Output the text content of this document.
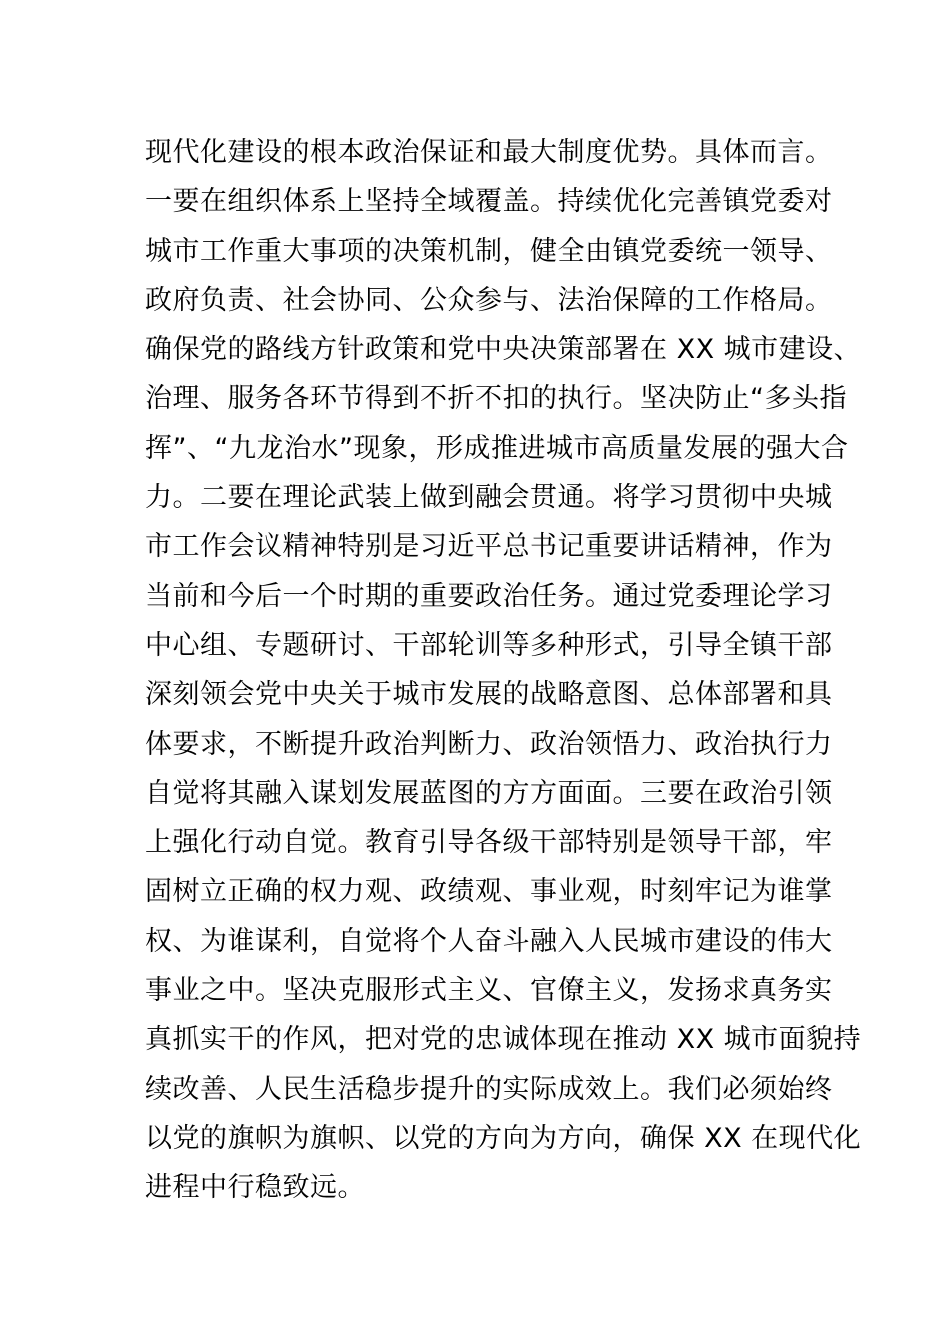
现代化建设的根本政治保证和最大制度优势。具体而言。
一要在组织体系上坚持全域覆盖。持续优化完善镇党委对
城市工作重大事项的决策机制，健全由镇党委统一领导、
政府负责、社会协同、公众参与、法治保障的工作格局。
确保党的路线方针政策和党中央决策部署在 XX 城市建设、
治理、服务各环节得到不折不扣的执行。坚决防止“多头指
挥”、“九龙治水”现象，形成推进城市高质量发展的强大合
力。二要在理论武装上做到融会贯通。将学习贯彻中央城
市工作会议精神特别是习近平总书记重要讲话精神，作为
当前和今后一个时期的重要政治任务。通过党委理论学习
中心组、专题研讨、干部轮训等多种形式，引导全镇干部
深刻领会党中央关于城市发展的战略意图、总体部署和具
体要求，不断提升政治判断力、政治领悟力、政治执行力
自觉将其融入谋划发展蓝图的方方面面。三要在政治引领
上强化行动自觉。教育引导各级干部特别是领导干部，牢
固树立正确的权力观、政绩观、事业观，时刻牢记为谁掌
权、为谁谋利，自觉将个人奋斗融入人民城市建设的伟大
事业之中。坚决克服形式主义、官僚主义，发扬求真务实
真抓实干的作风，把对党的忠诚体现在推动 XX 城市面貌持
续改善、人民生活稳步提升的实际成效上。我们必须始终
以党的旗帜为旗帜、以党的方向为方向，确保 XX 在现代化
进程中行稳致远。
